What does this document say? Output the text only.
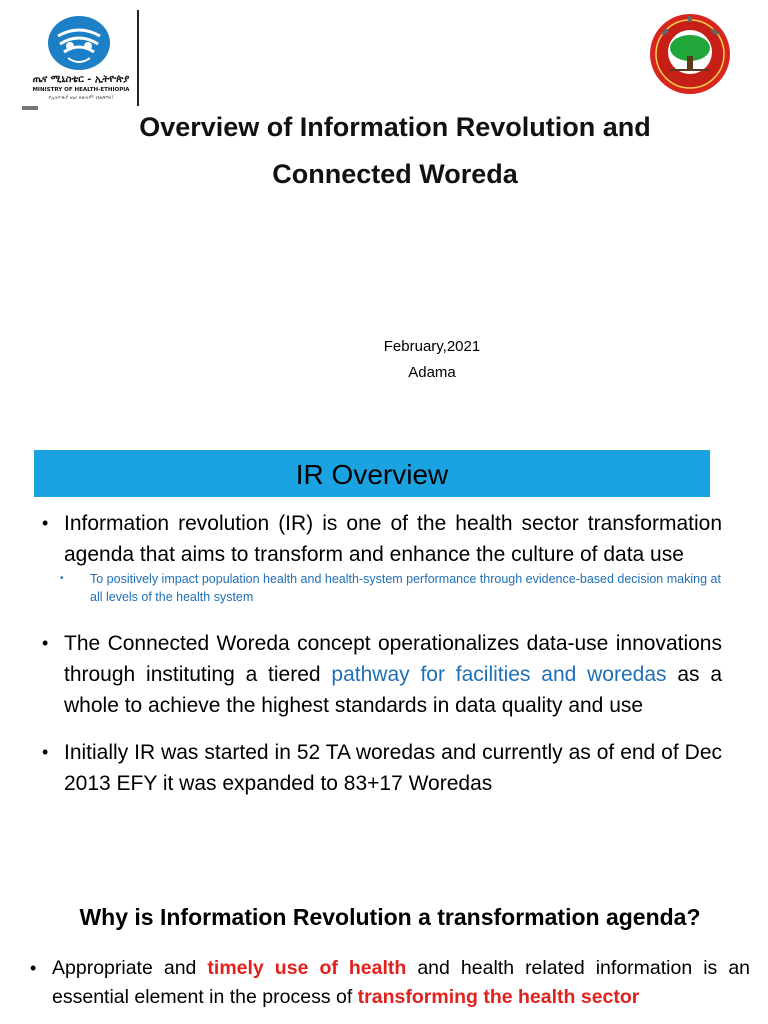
ጤና ሚኒስቴር - ኢትዮጵያ
MINISTRY OF HEALTH-ETHIOPIA
የኢትዮጵያ ጤና ለሁሉም ብልጽግና!
Overview of Information Revolution and
Connected Woreda
February,2021
Adama
IR Overview
• Information revolution (IR) is one of the health sector transformation agenda that aims to transform and enhance the culture of data use
• To positively impact population health and health-system performance through evidence-based decision making at all levels of the health system
• The Connected Woreda concept operationalizes data-use innovations through instituting a tiered pathway for facilities and woredas as a whole to achieve the highest standards in data quality and use
• Initially IR was started in 52 TA woredas and currently as of end of Dec 2013 EFY it was expanded to 83+17 Woredas
Why is Information Revolution a transformation agenda?
• Appropriate and timely use of health and health related information is an essential element in the process of transforming the health sector
